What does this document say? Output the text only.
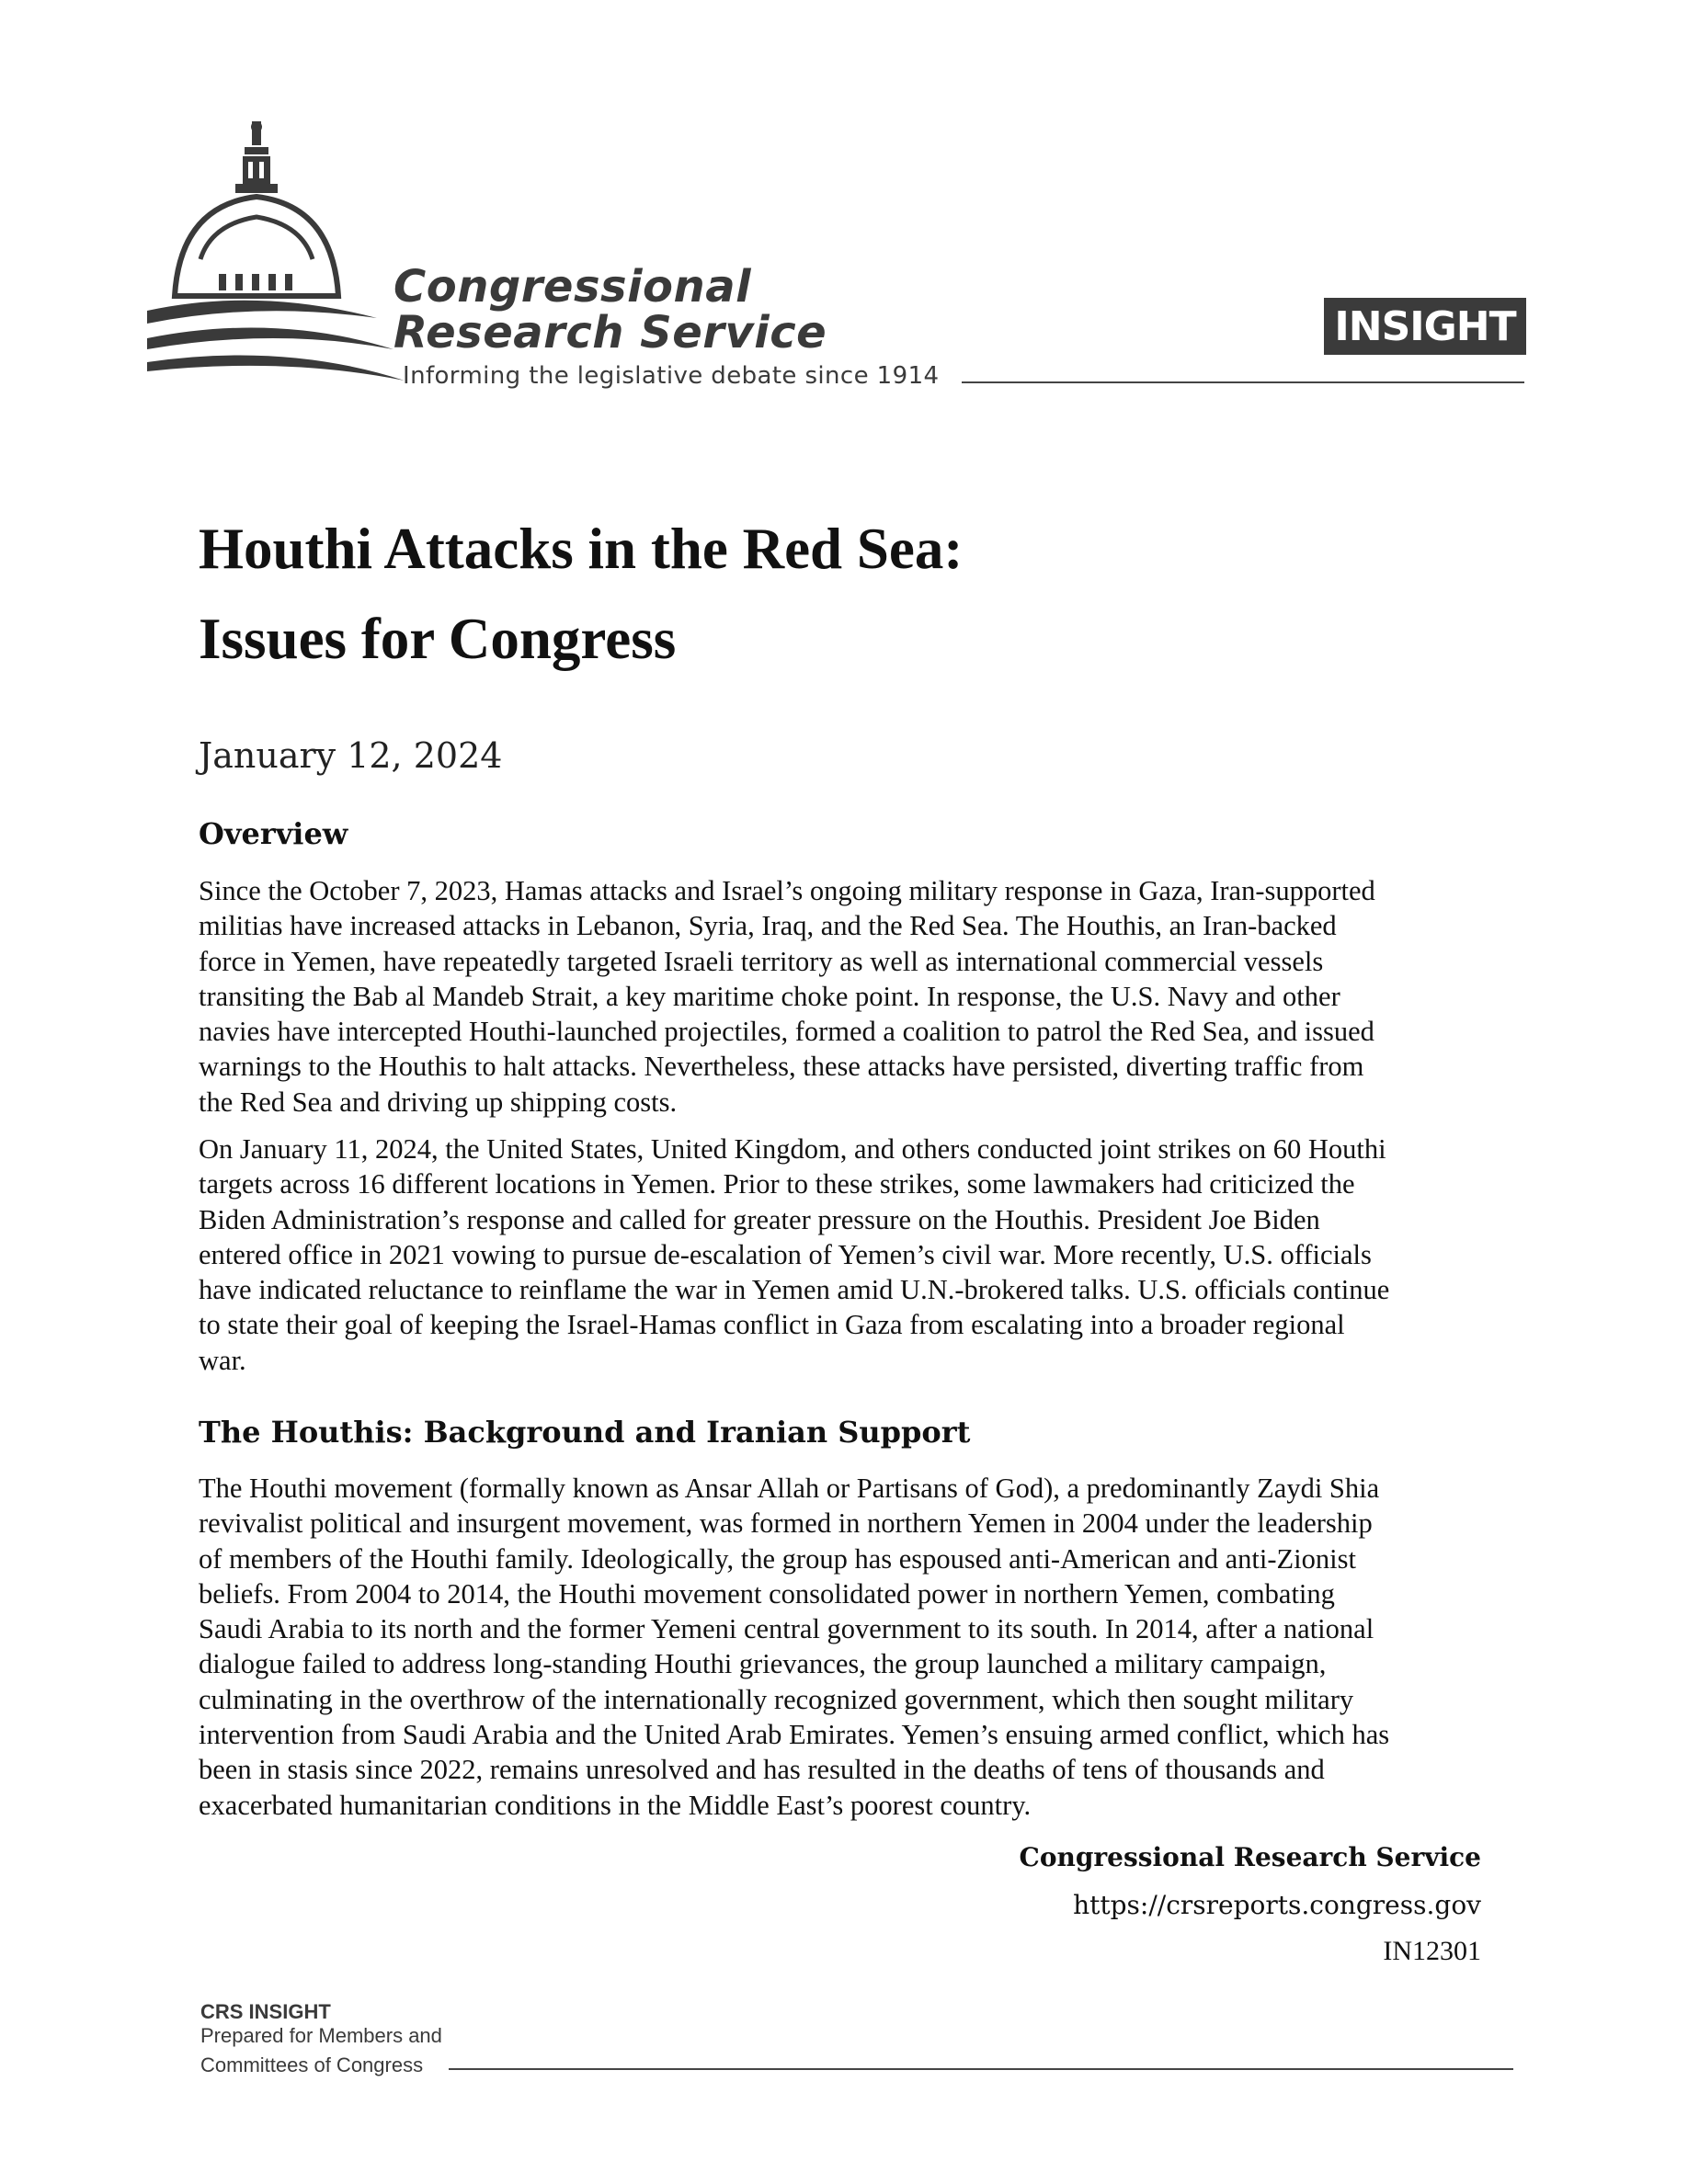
Congressional
Research Service
Informing the legislative debate since 1914
INSIGHT
Houthi Attacks in the Red Sea:
Issues for Congress
January 12, 2024
Overview

Since the October 7, 2023, Hamas attacks and Israel’s ongoing military response in Gaza, Iran-supported
militias have increased attacks in Lebanon, Syria, Iraq, and the Red Sea. The Houthis, an Iran-backed
force in Yemen, have repeatedly targeted Israeli territory as well as international commercial vessels
transiting the Bab al Mandeb Strait, a key maritime choke point. In response, the U.S. Navy and other
navies have intercepted Houthi-launched projectiles, formed a coalition to patrol the Red Sea, and issued
warnings to the Houthis to halt attacks. Nevertheless, these attacks have persisted, diverting traffic from
the Red Sea and driving up shipping costs.

On January 11, 2024, the United States, United Kingdom, and others conducted joint strikes on 60 Houthi
targets across 16 different locations in Yemen. Prior to these strikes, some lawmakers had criticized the
Biden Administration’s response and called for greater pressure on the Houthis. President Joe Biden
entered office in 2021 vowing to pursue de-escalation of Yemen’s civil war. More recently, U.S. officials
have indicated reluctance to reinflame the war in Yemen amid U.N.-brokered talks. U.S. officials continue
to state their goal of keeping the Israel-Hamas conflict in Gaza from escalating into a broader regional
war.

The Houthis: Background and Iranian Support

The Houthi movement (formally known as Ansar Allah or Partisans of God), a predominantly Zaydi Shia
revivalist political and insurgent movement, was formed in northern Yemen in 2004 under the leadership
of members of the Houthi family. Ideologically, the group has espoused anti-American and anti-Zionist
beliefs. From 2004 to 2014, the Houthi movement consolidated power in northern Yemen, combating
Saudi Arabia to its north and the former Yemeni central government to its south. In 2014, after a national
dialogue failed to address long-standing Houthi grievances, the group launched a military campaign,
culminating in the overthrow of the internationally recognized government, which then sought military
intervention from Saudi Arabia and the United Arab Emirates. Yemen’s ensuing armed conflict, which has
been in stasis since 2022, remains unresolved and has resulted in the deaths of tens of thousands and
exacerbated humanitarian conditions in the Middle East’s poorest country.

Congressional Research Service
https://crsreports.congress.gov
IN12301
CRS INSIGHT
Prepared for Members and
Committees of Congress
